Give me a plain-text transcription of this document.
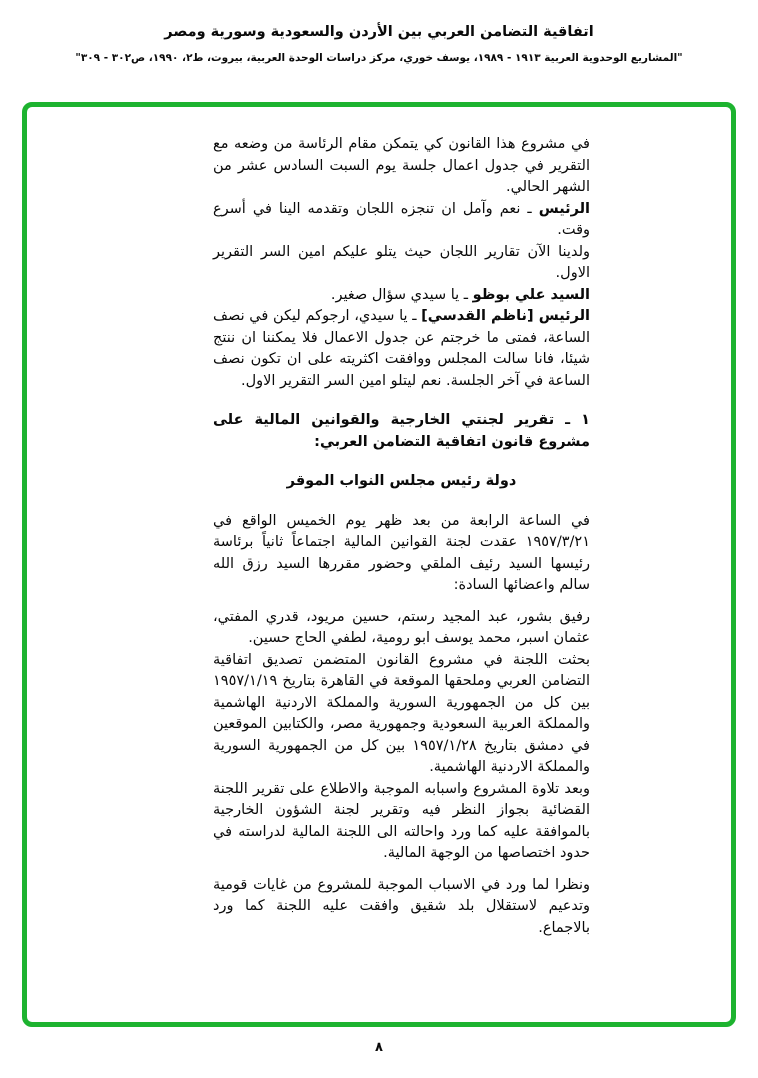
اتفاقية التضامن العربي بين الأردن والسعودية وسورية ومصر
"المشاريع الوحدوية العربية ١٩١٣ - ١٩٨٩، يوسف خوري، مركز دراسات الوحدة العربية، بيروت، ط٢، ١٩٩٠، ص٣٠٢ - ٣٠٩"

في مشروع هذا القانون كي يتمكن مقام الرئاسة من وضعه مع التقرير في جدول اعمال جلسة يوم السبت السادس عشر من الشهر الحالي.

الرئيس ـ نعم وآمل ان تنجزه اللجان وتقدمه الينا في أسرع وقت.

ولدينا الآن تقارير اللجان حيث يتلو عليكم امين السر التقرير الاول.

السيد علي بوظو ـ يا سيدي سؤال صغير.

الرئيس [ناظم القدسي] ـ يا سيدي، ارجوكم ليكن في نصف الساعة، فمتى ما خرجتم عن جدول الاعمال فلا يمكننا ان ننتج شيئا، فانا سالت المجلس ووافقت اكثريته على ان تكون نصف الساعة في آخر الجلسة. نعم ليتلو امين السر التقرير الاول.

١ ـ تقرير لجنتي الخارجية والقوانين المالية على مشروع قانون اتفاقية التضامن العربي:

دولة رئيس مجلس النواب الموقر

في الساعة الرابعة من بعد ظهر يوم الخميس الواقع في ١٩٥٧/٣/٢١ عقدت لجنة القوانين المالية اجتماعاً ثانياً برئاسة رئيسها السيد رئيف الملقي وحضور مقررها السيد رزق الله سالم واعضائها السادة:

رفيق بشور، عبد المجيد رستم، حسين مريود، قدري المفتي، عثمان اسبر، محمد يوسف ابو رومية، لطفي الحاج حسين.

بحثت اللجنة في مشروع القانون المتضمن تصديق اتفاقية التضامن العربي وملحقها الموقعة في القاهرة بتاريخ ١٩٥٧/١/١٩ بين كل من الجمهورية السورية والمملكة الاردنية الهاشمية والمملكة العربية السعودية وجمهورية مصر، والكتابين الموقعين في دمشق بتاريخ ١٩٥٧/١/٢٨ بين كل من الجمهورية السورية والمملكة الاردنية الهاشمية.

وبعد تلاوة المشروع واسبابه الموجبة والاطلاع على تقرير اللجنة القضائية بجواز النظر فيه وتقرير لجنة الشؤون الخارجية بالموافقة عليه كما ورد واحالته الى اللجنة المالية لدراسته في حدود اختصاصها من الوجهة المالية.

ونظرا لما ورد في الاسباب الموجبة للمشروع من غايات قومية وتدعيم لاستقلال بلد شقيق وافقت عليه اللجنة كما ورد بالاجماع.

٨
